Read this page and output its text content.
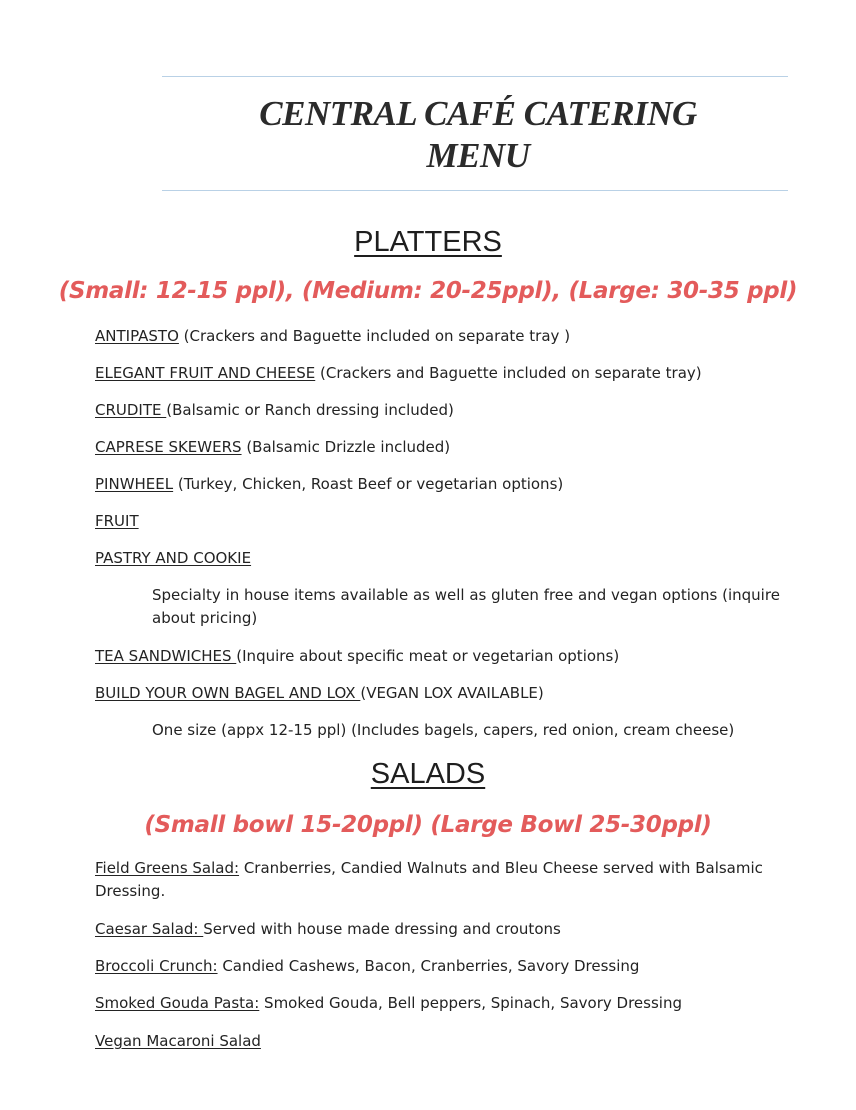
CENTRAL CAFÉ CATERING
MENU
PLATTERS
(Small: 12-15 ppl), (Medium: 20-25ppl), (Large: 30-35 ppl)
ANTIPASTO (Crackers and Baguette included on separate tray )
ELEGANT FRUIT AND CHEESE (Crackers and Baguette included on separate tray)
CRUDITE (Balsamic or Ranch dressing included)
CAPRESE SKEWERS (Balsamic Drizzle included)
PINWHEEL (Turkey, Chicken, Roast Beef or vegetarian options)
FRUIT
PASTRY AND COOKIE
Specialty in house items available as well as gluten free and vegan options (inquire about pricing)
TEA SANDWICHES (Inquire about specific meat or vegetarian options)
BUILD YOUR OWN BAGEL AND LOX (VEGAN LOX AVAILABLE)
One size (appx 12-15 ppl) (Includes bagels, capers, red onion, cream cheese)
SALADS
(Small bowl 15-20ppl) (Large Bowl 25-30ppl)
Field Greens Salad: Cranberries, Candied Walnuts and Bleu Cheese served with Balsamic Dressing.
Caesar Salad: Served with house made dressing and croutons
Broccoli Crunch: Candied Cashews, Bacon, Cranberries, Savory Dressing
Smoked Gouda Pasta: Smoked Gouda, Bell peppers, Spinach, Savory Dressing
Vegan Macaroni Salad
